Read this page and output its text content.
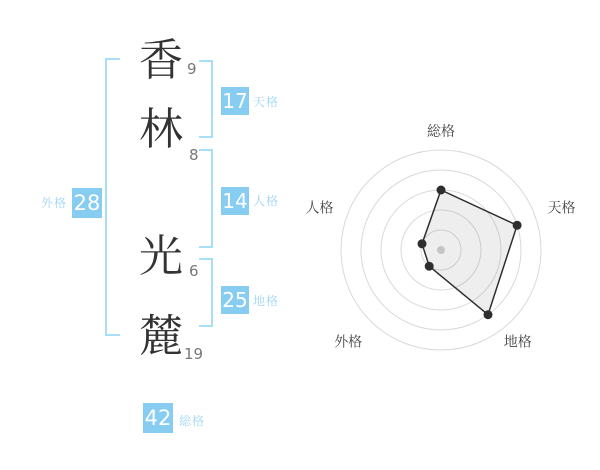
香
林
光
麓
9
8
6
19
17
14
25
28
42
天格
人格
地格
外格
総格
総格
天格
地格
外格
人格
